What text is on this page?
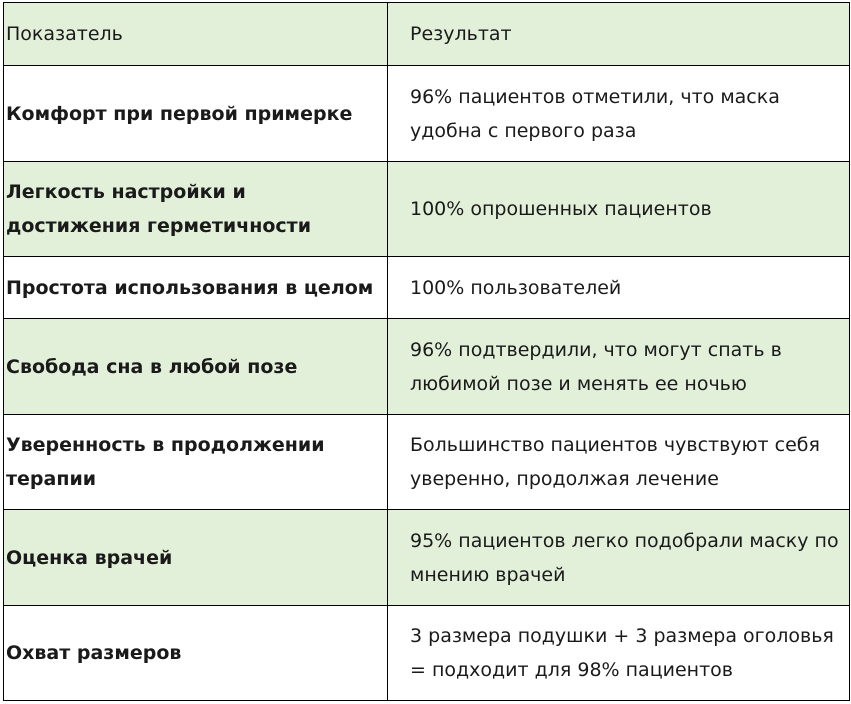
Показатель	Результат
Комфорт при первой примерке	96% пациентов отметили, что маска удобна с первого раза
Легкость настройки и достижения герметичности	100% опрошенных пациентов
Простота использования в целом	100% пользователей
Свобода сна в любой позе	96% подтвердили, что могут спать в любимой позе и менять ее ночью
Уверенность в продолжении терапии	Большинство пациентов чувствуют себя уверенно, продолжая лечение
Оценка врачей	95% пациентов легко подобрали маску по мнению врачей
Охват размеров	3 размера подушки + 3 размера оголовья = подходит для 98% пациентов
